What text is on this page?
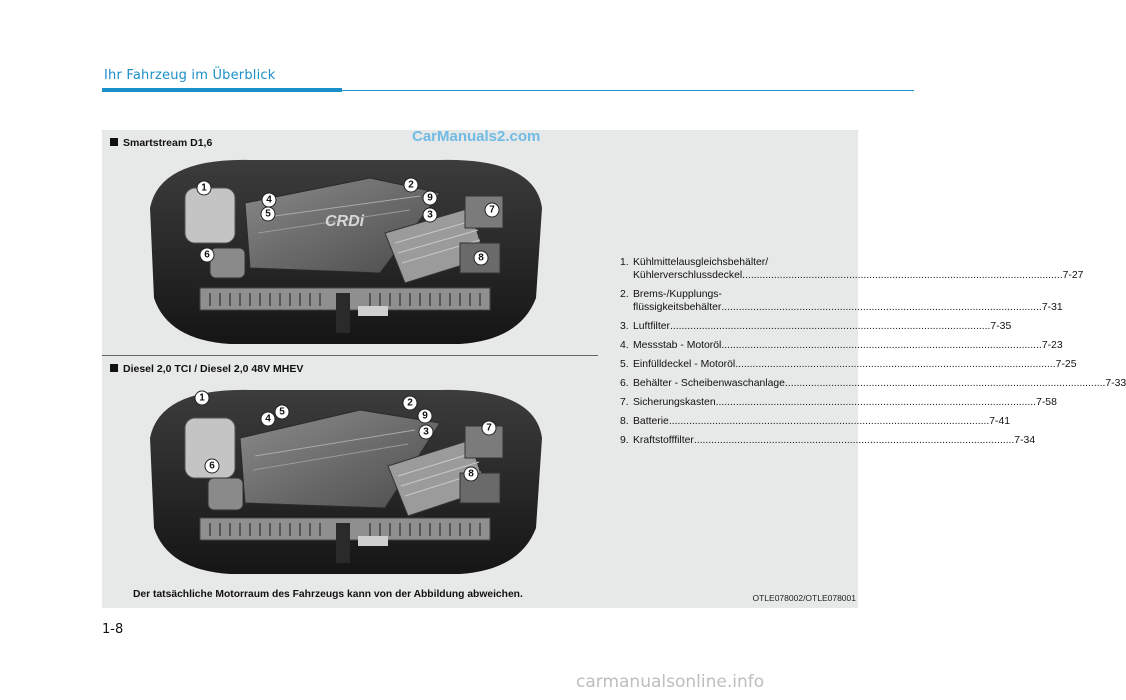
Ihr Fahrzeug im Überblick
CarManuals2.com
Smartstream D1,6
CRDi
1	2
3
4
5
6
7
8
9
Diesel 2,0 TCI / Diesel 2,0 48V MHEV
1	2
3
4
5
6
7
8
9
1. Kühlmittelausgleichsbehälter/
Kühlerverschlussdeckel .....	7-27
2. Brems-/Kupplungs-
flüssigkeitsbehälter .....	7-31
3. Luftfilter .....	7-35
4. Messstab - Motoröl .....	7-23
5. Einfülldeckel - Motoröl .....	7-25
6. Behälter - Scheibenwaschanlage .....	7-33
7. Sicherungskasten .....	7-58
8. Batterie .....	7-41
9. Kraftstofffilter .....	7-34
Der tatsächliche Motorraum des Fahrzeugs kann von der Abbildung abweichen.	OTLE078002/OTLE078001
1-8
carmanualsonline.info
